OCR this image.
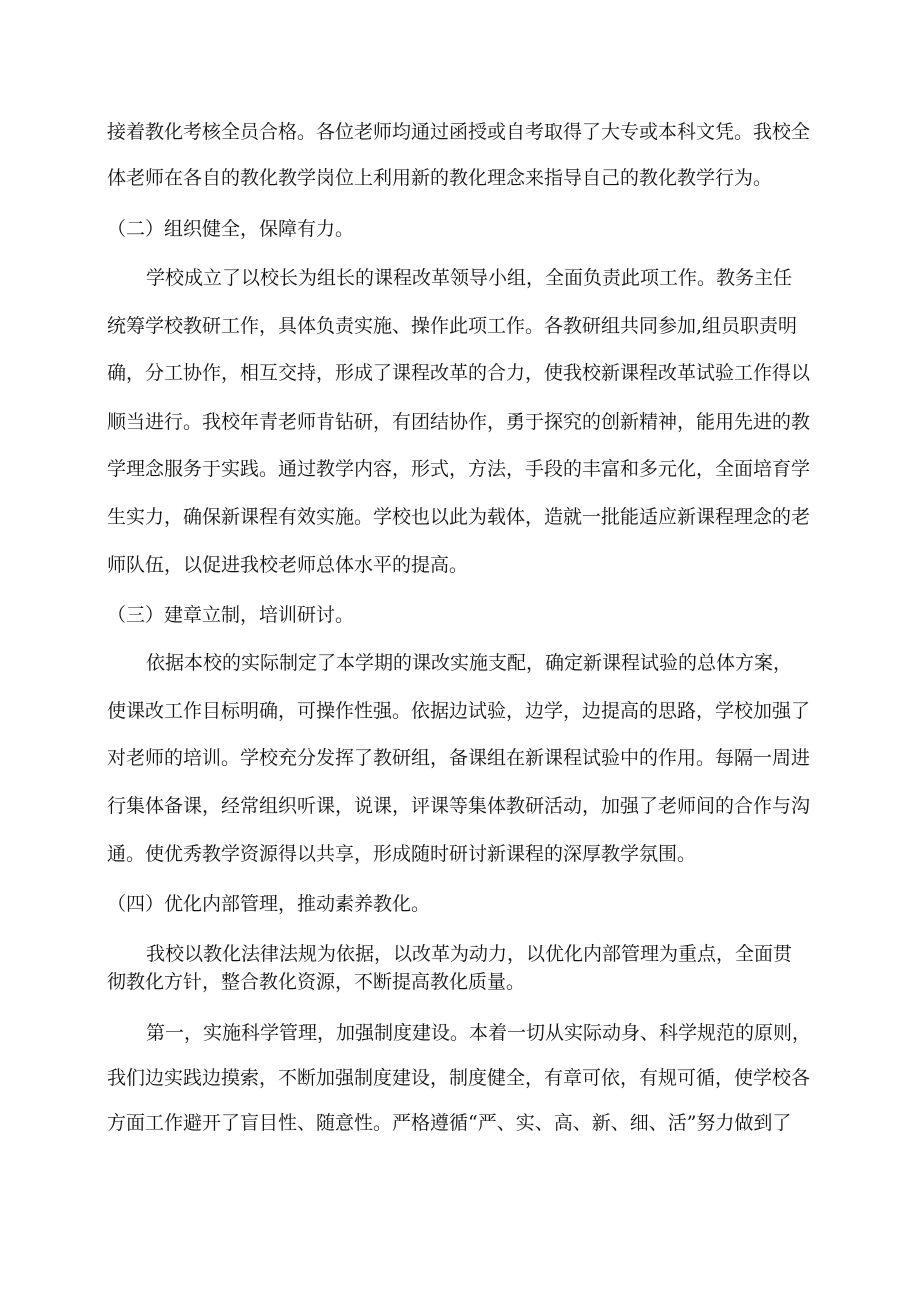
接着教化考核全员合格。各位老师均通过函授或自考取得了大专或本科文凭。我校全

体老师在各自的教化教学岗位上利用新的教化理念来指导自己的教化教学行为。

（二）组织健全，保障有力。

学校成立了以校长为组长的课程改革领导小组，全面负责此项工作。教务主任

统筹学校教研工作，具体负责实施、操作此项工作。各教研组共同参加,组员职责明

确，分工协作，相互交持，形成了课程改革的合力，使我校新课程改革试验工作得以

顺当进行。我校年青老师肯钻研，有团结协作，勇于探究的创新精神，能用先进的教

学理念服务于实践。通过教学内容，形式，方法，手段的丰富和多元化，全面培育学

生实力，确保新课程有效实施。学校也以此为载体，造就一批能适应新课程理念的老

师队伍，以促进我校老师总体水平的提高。

（三）建章立制，培训研讨。

依据本校的实际制定了本学期的课改实施支配，确定新课程试验的总体方案，

使课改工作目标明确，可操作性强。依据边试验，边学，边提高的思路，学校加强了

对老师的培训。学校充分发挥了教研组，备课组在新课程试验中的作用。每隔一周进

行集体备课，经常组织听课，说课，评课等集体教研活动，加强了老师间的合作与沟

通。使优秀教学资源得以共享，形成随时研讨新课程的深厚教学氛围。

（四）优化内部管理，推动素养教化。

我校以教化法律法规为依据，以改革为动力，以优化内部管理为重点，全面贯

彻教化方针，整合教化资源，不断提高教化质量。

第一，实施科学管理，加强制度建设。本着一切从实际动身、科学规范的原则，

我们边实践边摸索，不断加强制度建设，制度健全，有章可依，有规可循，使学校各

方面工作避开了盲目性、随意性。严格遵循“严、实、高、新、细、活”努力做到了
